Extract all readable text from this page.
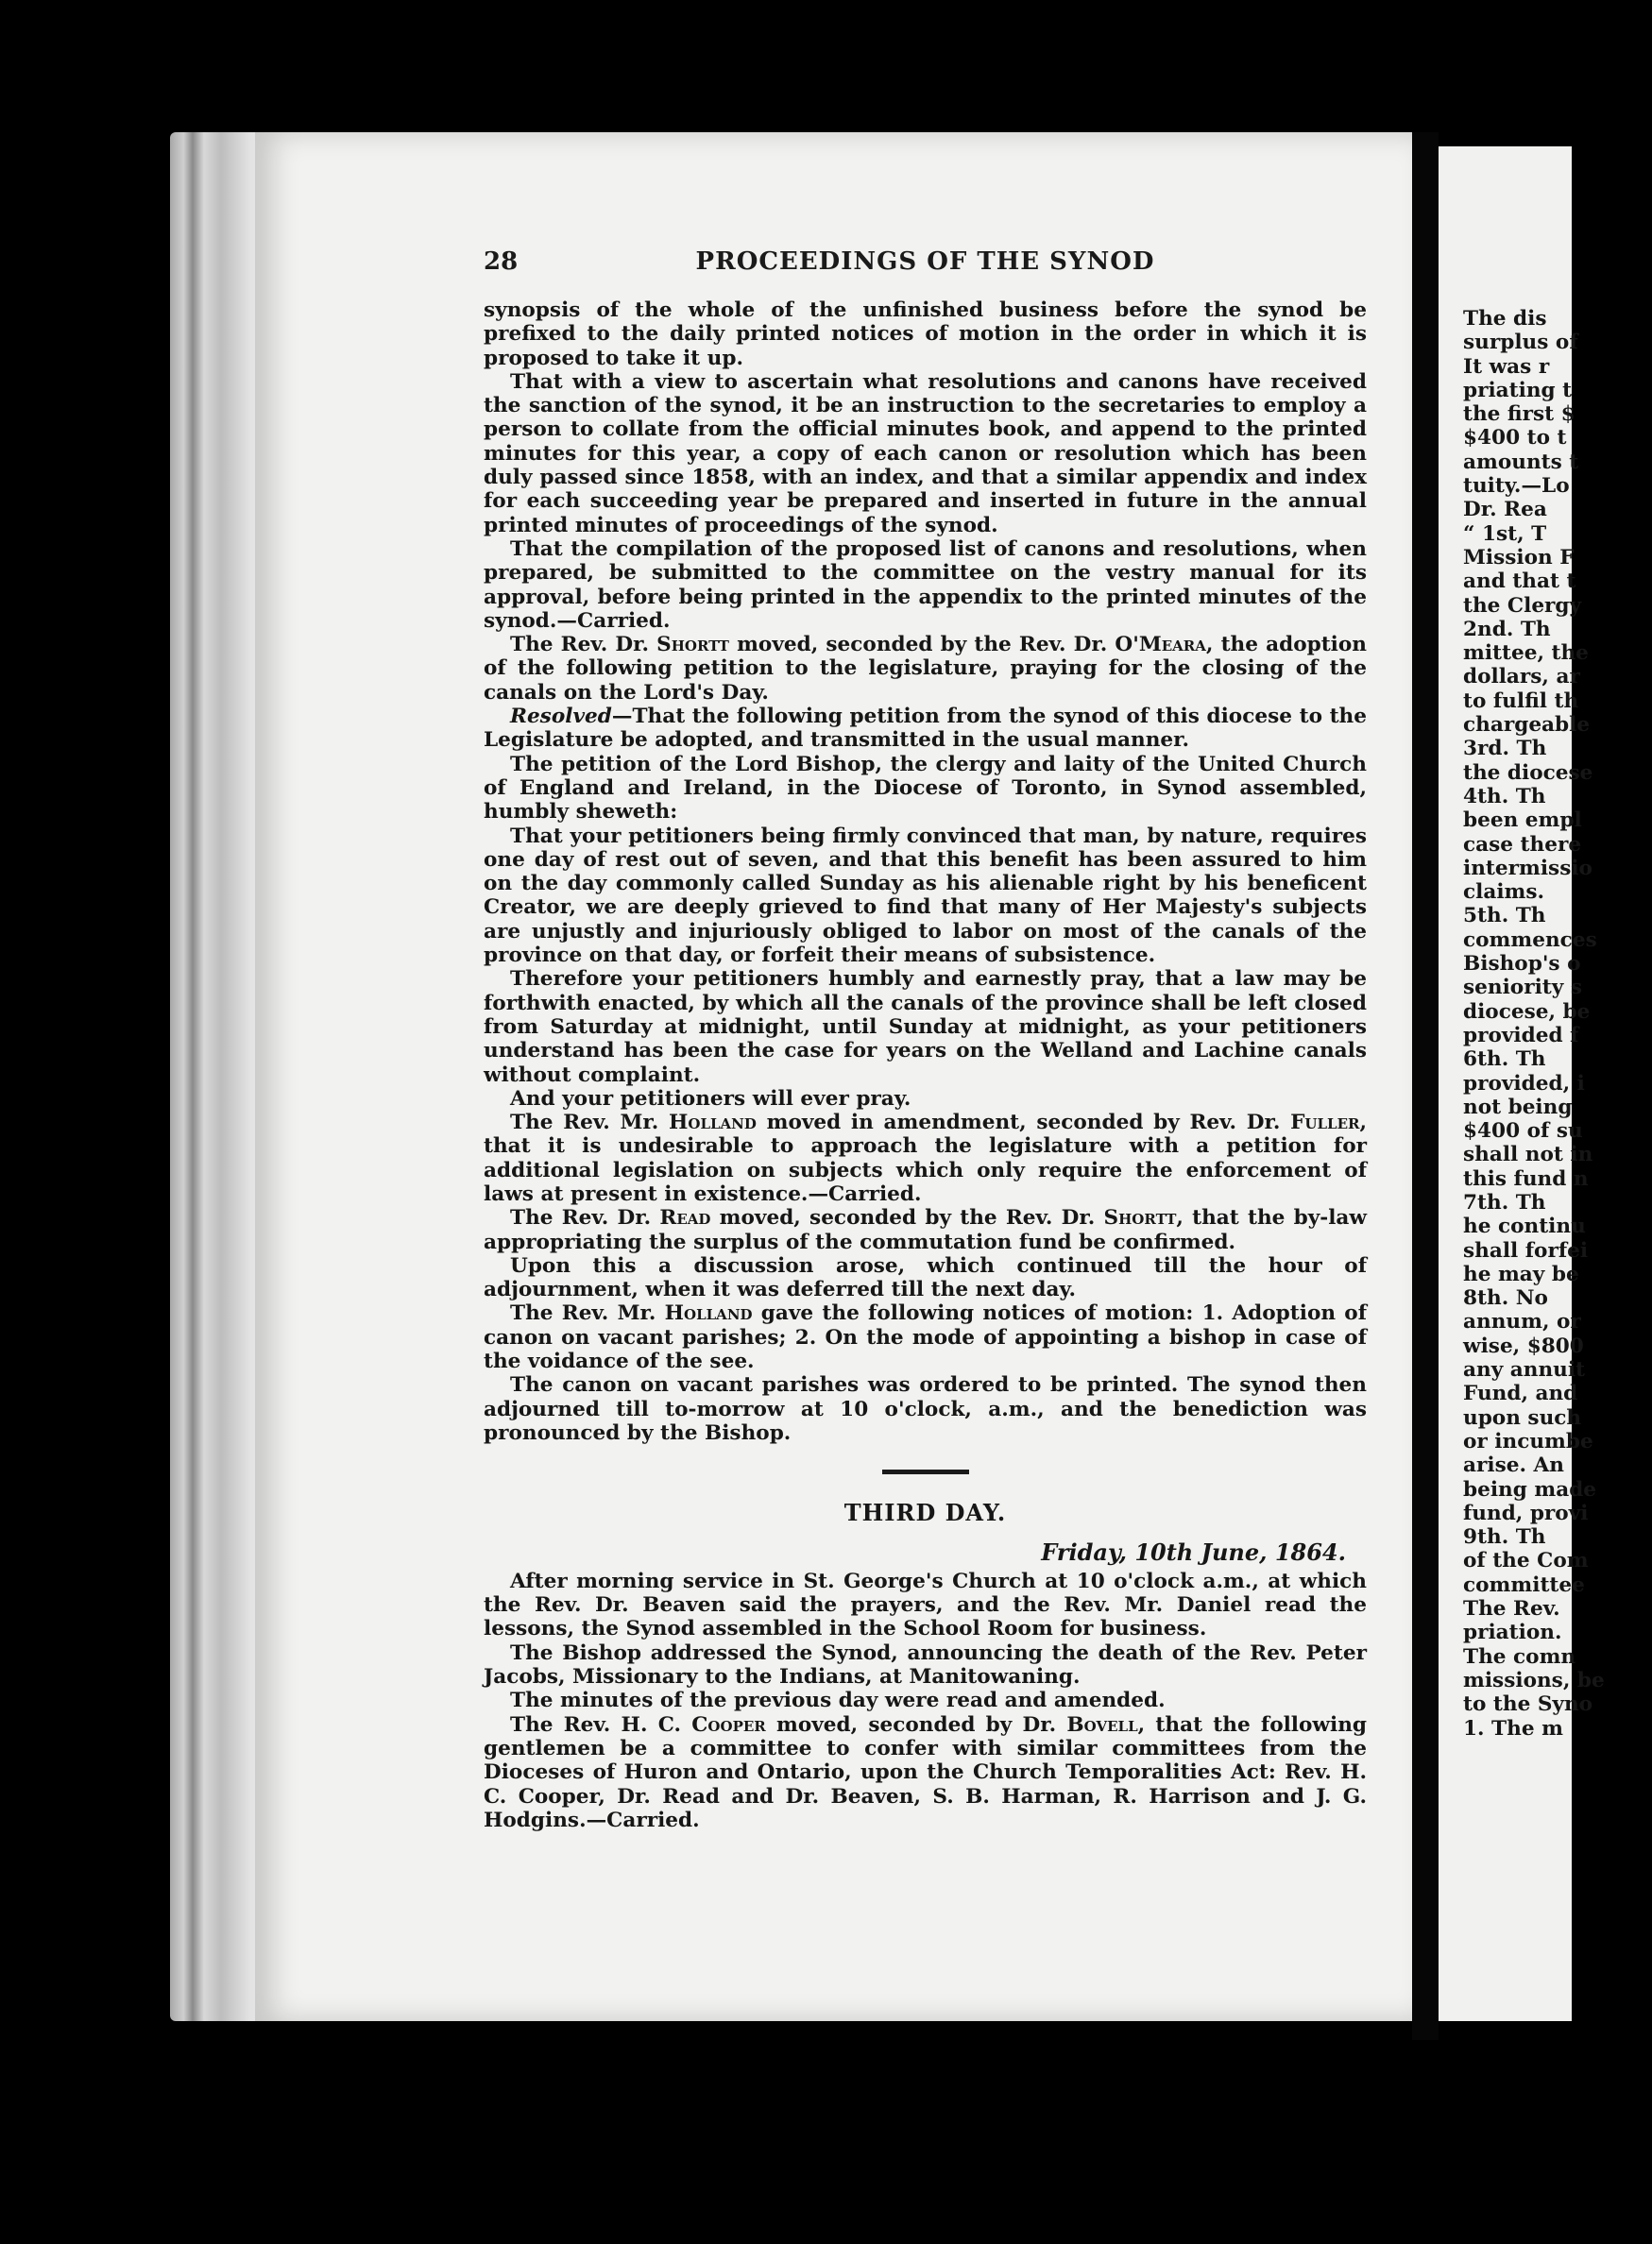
The dis
surplus of
It was r
priating t
the first $
$400 to t
amounts t
tuity.—Lo
Dr. Rea
“ 1st, T
Mission F
and that t
the Clergy
2nd. Th
mittee, the
dollars, ar
to fulfil th
chargeable
3rd. Th
the diocese
4th. Th
been empl
case there
intermissio
claims.
5th. Th
commences
Bishop's o
seniority s
diocese, be
provided f
6th. Th
provided, i
not being
$400 of su
shall not in
this fund n
7th. Th
he continu
shall forfei
he may be
8th. No
annum, or
wise, $800
any annuit
Fund, and
upon such
or incumbe
arise. An
being made
fund, provi
9th. Th
of the Com
committee
The Rev.
priation.
The comn
missions, be
to the Syno
1. The m
28	PROCEEDINGS OF THE SYNOD

synopsis of the whole of the unfinished business before the synod be prefixed to the daily printed notices of motion in the order in which it is proposed to take it up.

That with a view to ascertain what resolutions and canons have received the sanction of the synod, it be an instruction to the secretaries to employ a person to collate from the official minutes book, and append to the printed minutes for this year, a copy of each canon or resolution which has been duly passed since 1858, with an index, and that a similar appendix and index for each succeeding year be prepared and inserted in future in the annual printed minutes of proceedings of the synod.

That the compilation of the proposed list of canons and resolutions, when prepared, be submitted to the committee on the vestry manual for its approval, before being printed in the appendix to the printed minutes of the synod.—Carried.

The Rev. Dr. Shortt moved, seconded by the Rev. Dr. O'Meara, the adoption of the following petition to the legislature, praying for the closing of the canals on the Lord's Day.

Resolved—That the following petition from the synod of this diocese to the Legislature be adopted, and transmitted in the usual manner.

The petition of the Lord Bishop, the clergy and laity of the United Church of England and Ireland, in the Diocese of Toronto, in Synod assembled, humbly sheweth:

That your petitioners being firmly convinced that man, by nature, requires one day of rest out of seven, and that this benefit has been assured to him on the day commonly called Sunday as his alienable right by his beneficent Creator, we are deeply grieved to find that many of Her Majesty's subjects are unjustly and injuriously obliged to labor on most of the canals of the province on that day, or forfeit their means of subsistence.

Therefore your petitioners humbly and earnestly pray, that a law may be forthwith enacted, by which all the canals of the province shall be left closed from Saturday at midnight, until Sunday at midnight, as your petitioners understand has been the case for years on the Welland and Lachine canals without complaint.

And your petitioners will ever pray.

The Rev. Mr. Holland moved in amendment, seconded by Rev. Dr. Fuller, that it is undesirable to approach the legislature with a petition for additional legislation on subjects which only require the enforcement of laws at present in existence.—Carried.

The Rev. Dr. Read moved, seconded by the Rev. Dr. Shortt, that the by-law appropriating the surplus of the commutation fund be confirmed.

Upon this a discussion arose, which continued till the hour of adjournment, when it was deferred till the next day.

The Rev. Mr. Holland gave the following notices of motion: 1. Adoption of canon on vacant parishes; 2. On the mode of appointing a bishop in case of the voidance of the see.

The canon on vacant parishes was ordered to be printed. The synod then adjourned till to-morrow at 10 o'clock, a.m., and the benediction was pronounced by the Bishop.

THIRD DAY.
Friday, 10th June, 1864.

After morning service in St. George's Church at 10 o'clock a.m., at which the Rev. Dr. Beaven said the prayers, and the Rev. Mr. Daniel read the lessons, the Synod assembled in the School Room for business.

The Bishop addressed the Synod, announcing the death of the Rev. Peter Jacobs, Missionary to the Indians, at Manitowaning.

The minutes of the previous day were read and amended.

The Rev. H. C. Cooper moved, seconded by Dr. Bovell, that the following gentlemen be a committee to confer with similar committees from the Dioceses of Huron and Ontario, upon the Church Temporalities Act: Rev. H. C. Cooper, Dr. Read and Dr. Beaven, S. B. Harman, R. Harrison and J. G. Hodgins.—Carried.
